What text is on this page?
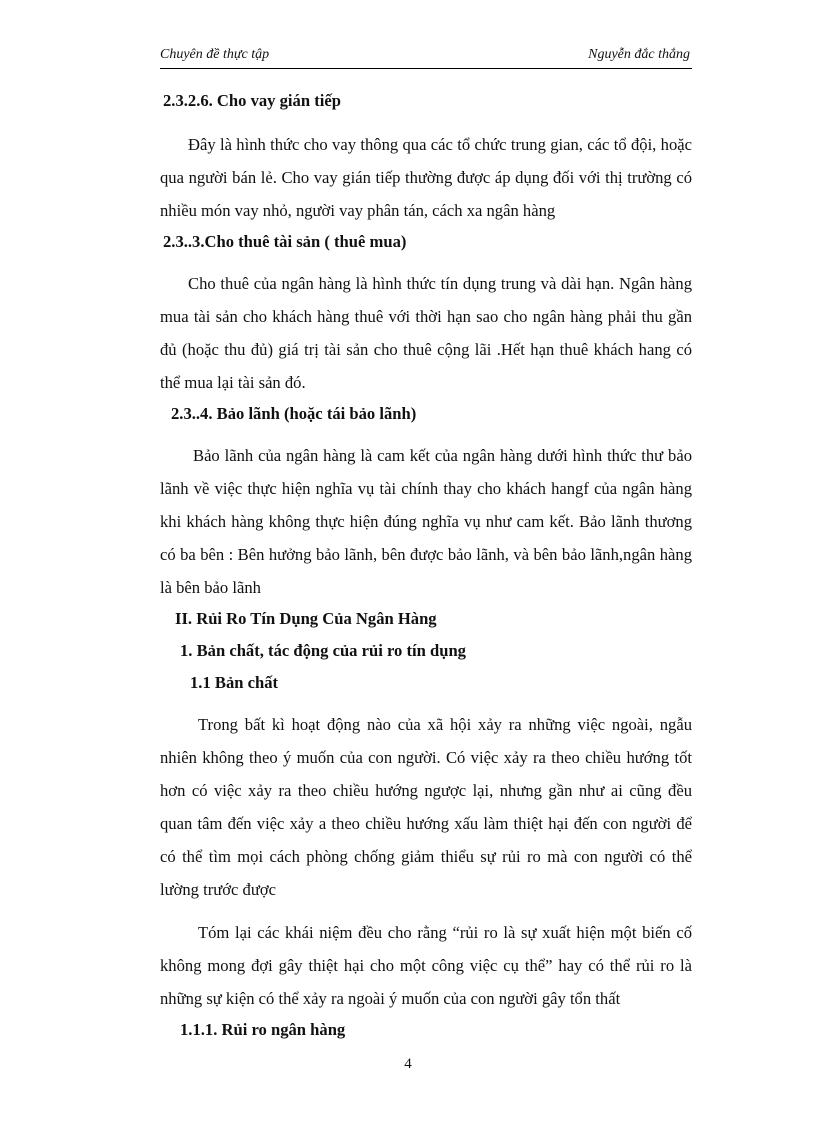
Chuyên đề thực tập	Nguyễn đắc thắng
2.3.2.6. Cho vay gián tiếp

Đây là hình thức cho vay thông qua các tổ chức trung gian, các tổ đội, hoặc qua người bán lẻ. Cho vay gián tiếp thường được áp dụng đối với thị trường có nhiều món vay nhỏ, người vay phân tán, cách xa ngân hàng

2.3..3.Cho thuê tài sản ( thuê mua)

Cho thuê của ngân hàng là hình thức tín dụng trung và dài hạn. Ngân hàng mua tài sản cho khách hàng thuê với thời hạn sao cho ngân hàng phải thu gần đủ (hoặc thu đủ) giá trị tài sản cho thuê cộng lãi .Hết hạn thuê khách hang có thể mua lại tài sản đó.

2.3..4. Bảo lãnh (hoặc tái bảo lãnh)

Bảo lãnh của ngân hàng là cam kết của ngân hàng dưới hình thức thư bảo lãnh về việc thực hiện nghĩa vụ tài chính thay cho khách hangf của ngân hàng khi khách hàng không thực hiện đúng nghĩa vụ như cam kết. Bảo lãnh thương có ba bên : Bên hưởng bảo lãnh, bên được bảo lãnh, và bên bảo lãnh,ngân hàng là bên bảo lãnh

II. Rủi Ro Tín Dụng Của Ngân Hàng
1. Bản chất, tác động của rủi ro tín dụng
1.1 Bản chất

Trong bất kì hoạt động nào của xã hội xảy ra những việc ngoài, ngẫu nhiên không theo ý muốn của con người. Có việc xảy ra theo chiều hướng tốt hơn có việc xảy ra theo chiều hướng ngược lại, nhưng gần như ai cũng đều quan tâm đến việc xảy a theo chiều hướng xấu làm thiệt hại đến con người để có thể tìm mọi cách phòng chống giảm thiểu sự rủi ro mà con người có thể lường trước được

Tóm lại các khái niệm đều cho rằng “rủi ro là sự xuất hiện một biến cố không mong đợi gây thiệt hại cho một công việc cụ thể” hay có thể rủi ro là những sự kiện có thể xảy ra ngoài ý muốn của con người gây tổn thất

1.1.1. Rủi ro ngân hàng
4
